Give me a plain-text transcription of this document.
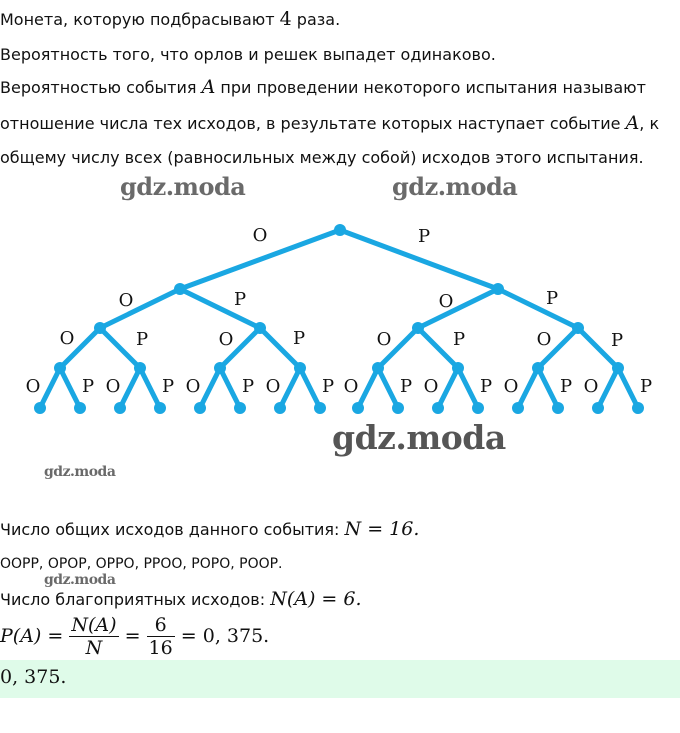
Монета, которую подбрасывают 4 раза.
Вероятность того, что орлов и решек выпадет одинаково.
Вероятностью события A при проведении некоторого испытания называют
отношение числа тех исходов, в результате которых наступает событие A, к
общему числу всех (равносильных между собой) исходов этого испытания.
gdz.moda	gdz.moda
gdz.moda
gdz.moda
О	Р
О	Р	О	Р
О	Р	О	Р	О	Р	О	Р
О Р О Р О Р О Р О Р О Р О Р О Р
Число общих исходов данного события: N = 16.
ООРР, ОРОР, ОРРО, РРОО, РОРО, РООР.
gdz.moda
Число благоприятных исходов: N(A) = 6.
$P(A) = \frac{N(A)}{N} = \frac{6}{16} = 0$, 375.
0, 375.
